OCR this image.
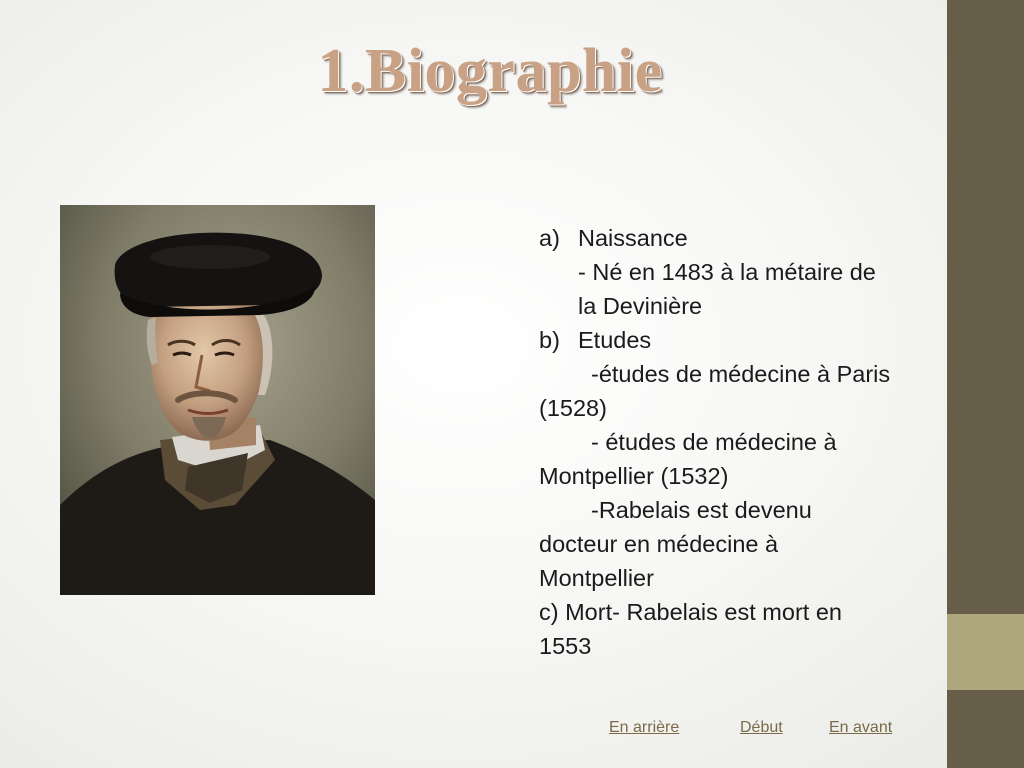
1.Biographie
a) Naissance
- Né en 1483 à la métaire de
la Devinière
b) Etudes
-études de médecine à Paris
(1528)
- études de médecine à
Montpellier (1532)
-Rabelais est devenu
docteur en médecine à
Montpellier
c) Mort- Rabelais est mort en
1553
En arrière	Début	En avant
